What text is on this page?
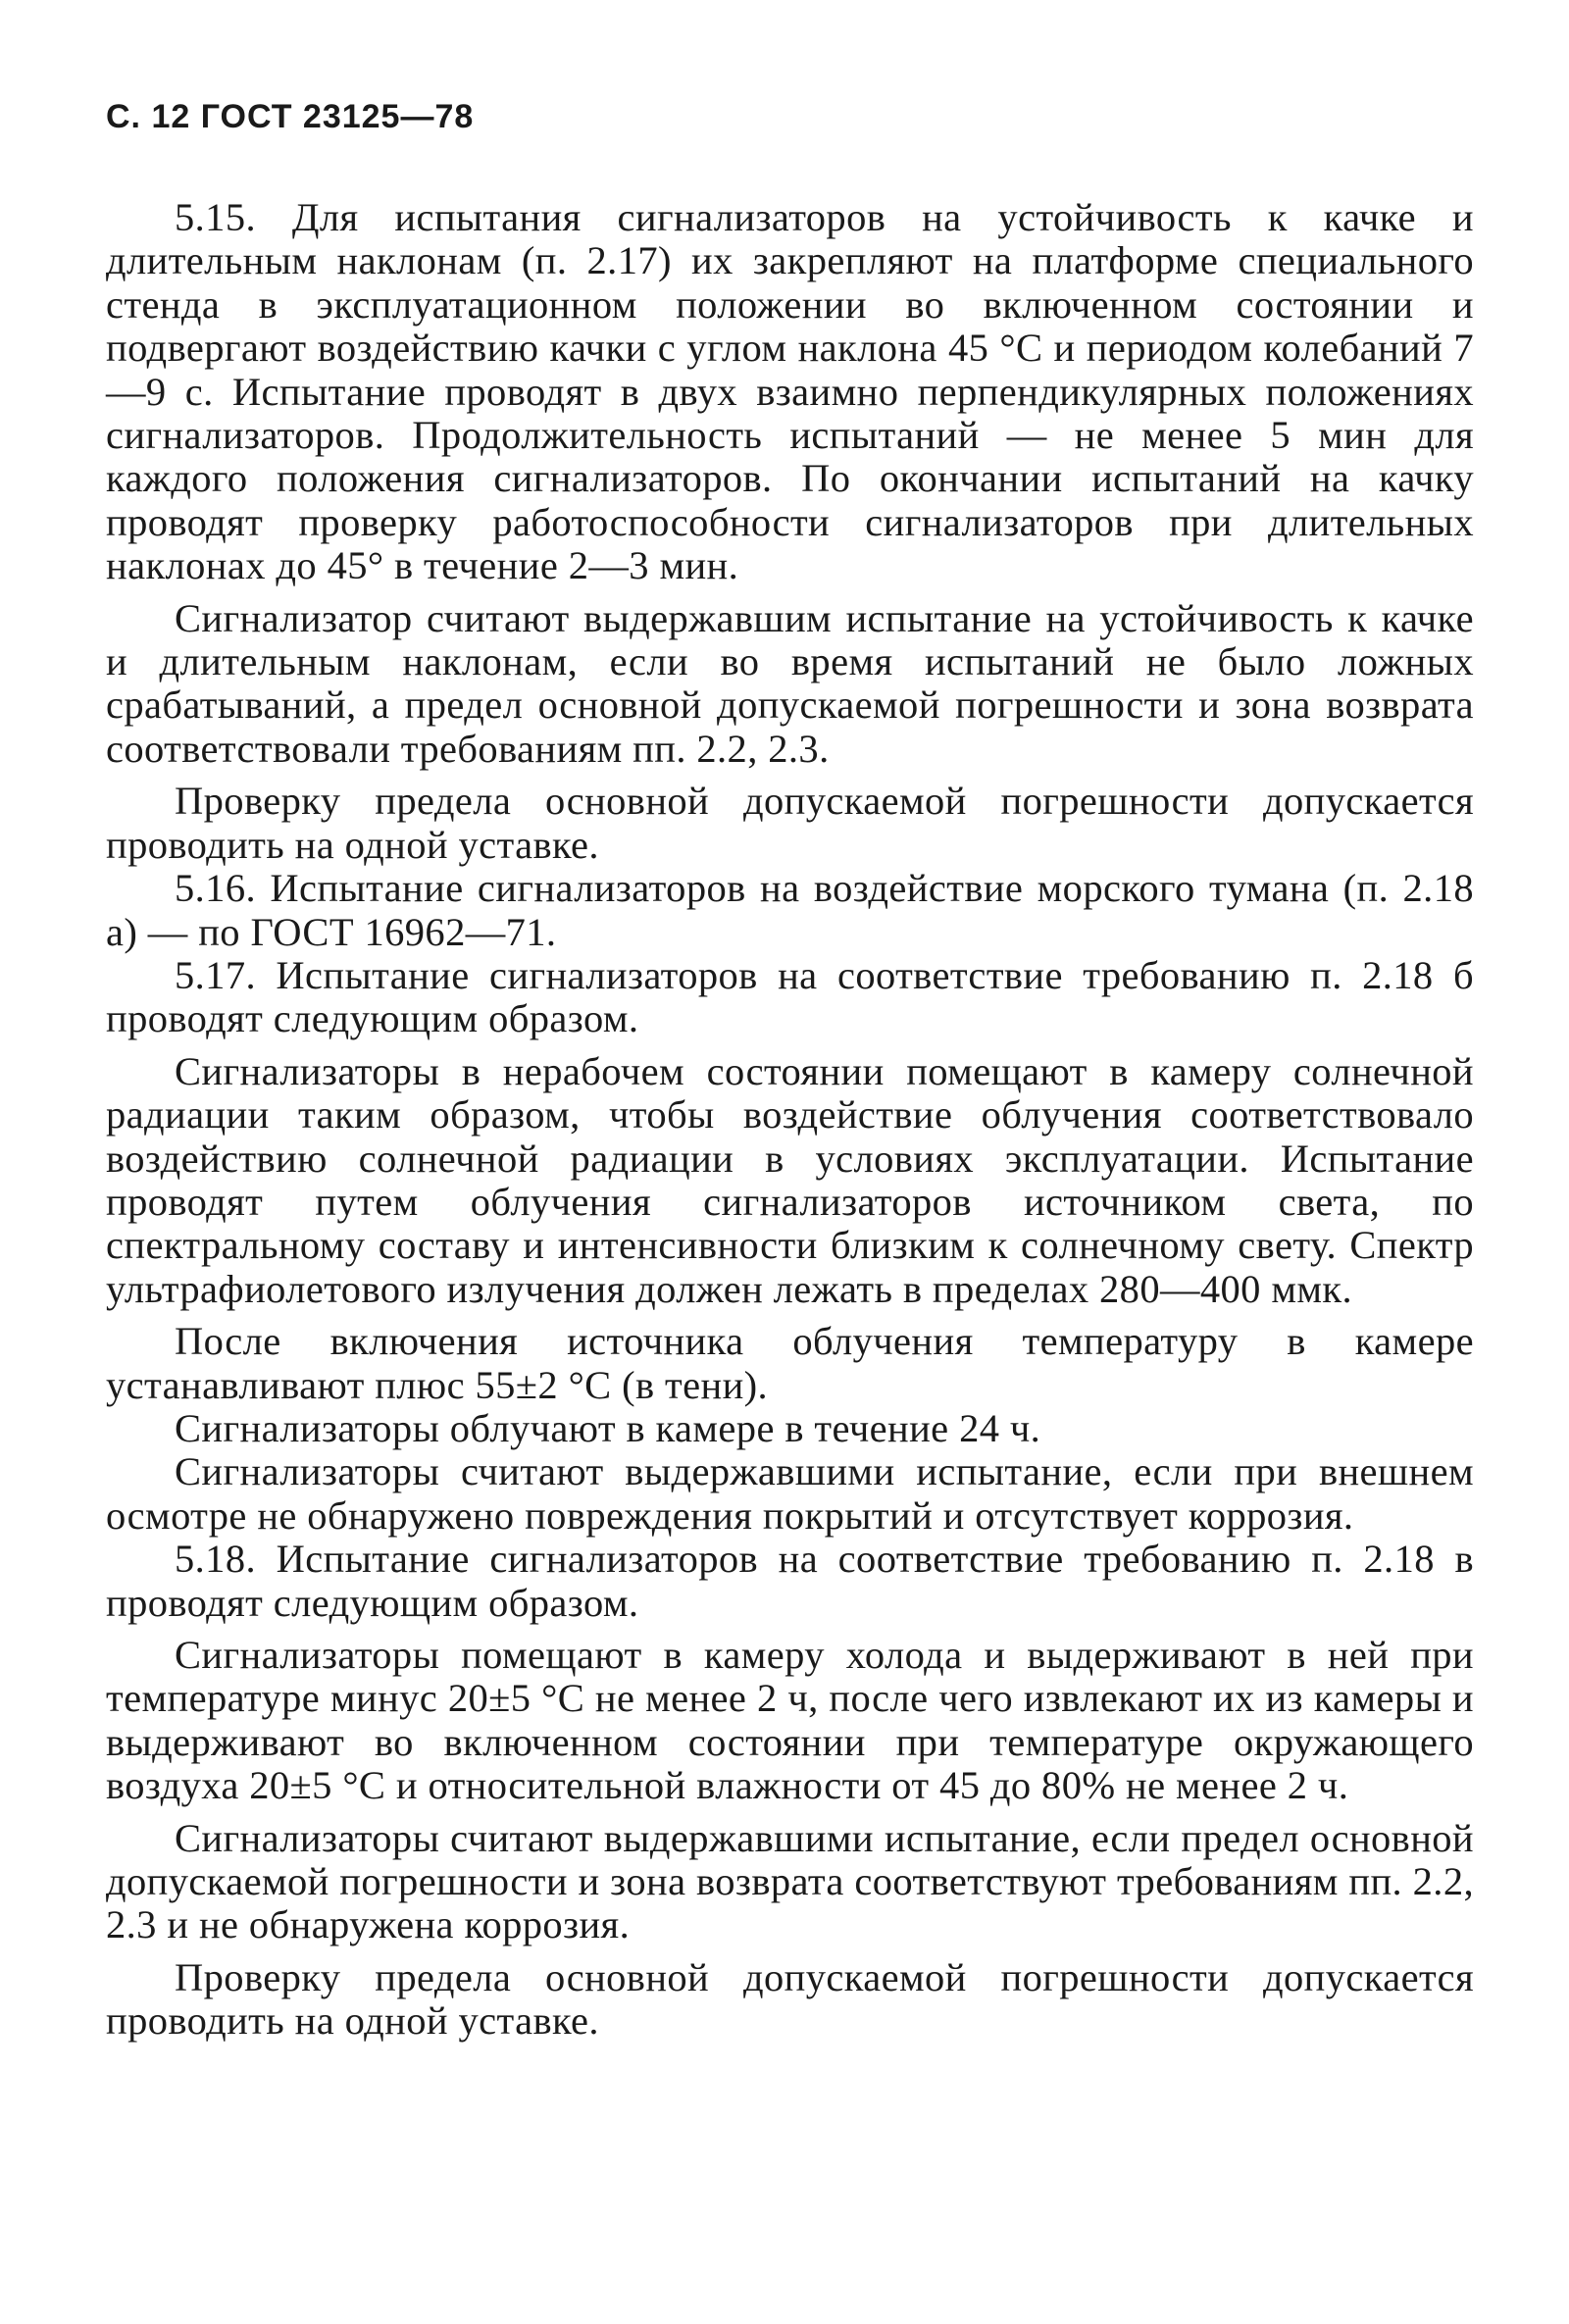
С. 12 ГОСТ 23125—78

5.15. Для испытания сигнализаторов на устойчивость к качке и длительным наклонам (п. 2.17) их закрепляют на платформе специального стенда в эксплуатационном положении во включенном состоянии и подвергают воздействию качки с углом наклона 45 °С и периодом колебаний 7—9 с. Испытание проводят в двух взаимно перпендикулярных положениях сигнализаторов. Продолжительность испытаний — не менее 5 мин для каждого положения сигнализаторов. По окончании испытаний на качку проводят проверку работоспособности сигнализаторов при длительных наклонах до 45° в течение 2—3 мин.

Сигнализатор считают выдержавшим испытание на устойчивость к качке и длительным наклонам, если во время испытаний не было ложных срабатываний, а предел основной допускаемой погрешности и зона возврата соответствовали требованиям пп. 2.2, 2.3.

Проверку предела основной допускаемой погрешности допускается проводить на одной уставке.

5.16. Испытание сигнализаторов на воздействие морского тумана (п. 2.18 а) — по ГОСТ 16962—71.

5.17. Испытание сигнализаторов на соответствие требованию п. 2.18 б проводят следующим образом.

Сигнализаторы в нерабочем состоянии помещают в камеру солнечной радиации таким образом, чтобы воздействие облучения соответствовало воздействию солнечной радиации в условиях эксплуатации. Испытание проводят путем облучения сигнализаторов источником света, по спектральному составу и интенсивности близким к солнечному свету. Спектр ультрафиолетового излучения должен лежать в пределах 280—400 ммк.

После включения источника облучения температуру в камере устанавливают плюс 55±2 °С (в тени).

Сигнализаторы облучают в камере в течение 24 ч.

Сигнализаторы считают выдержавшими испытание, если при внешнем осмотре не обнаружено повреждения покрытий и отсутствует коррозия.

5.18. Испытание сигнализаторов на соответствие требованию п. 2.18 в проводят следующим образом.

Сигнализаторы помещают в камеру холода и выдерживают в ней при температуре минус 20±5 °С не менее 2 ч, после чего извлекают их из камеры и выдерживают во включенном состоянии при температуре окружающего воздуха 20±5 °С и относительной влажности от 45 до 80% не менее 2 ч.

Сигнализаторы считают выдержавшими испытание, если предел основной допускаемой погрешности и зона возврата соответствуют требованиям пп. 2.2, 2.3 и не обнаружена коррозия.

Проверку предела основной допускаемой погрешности допускается проводить на одной уставке.
